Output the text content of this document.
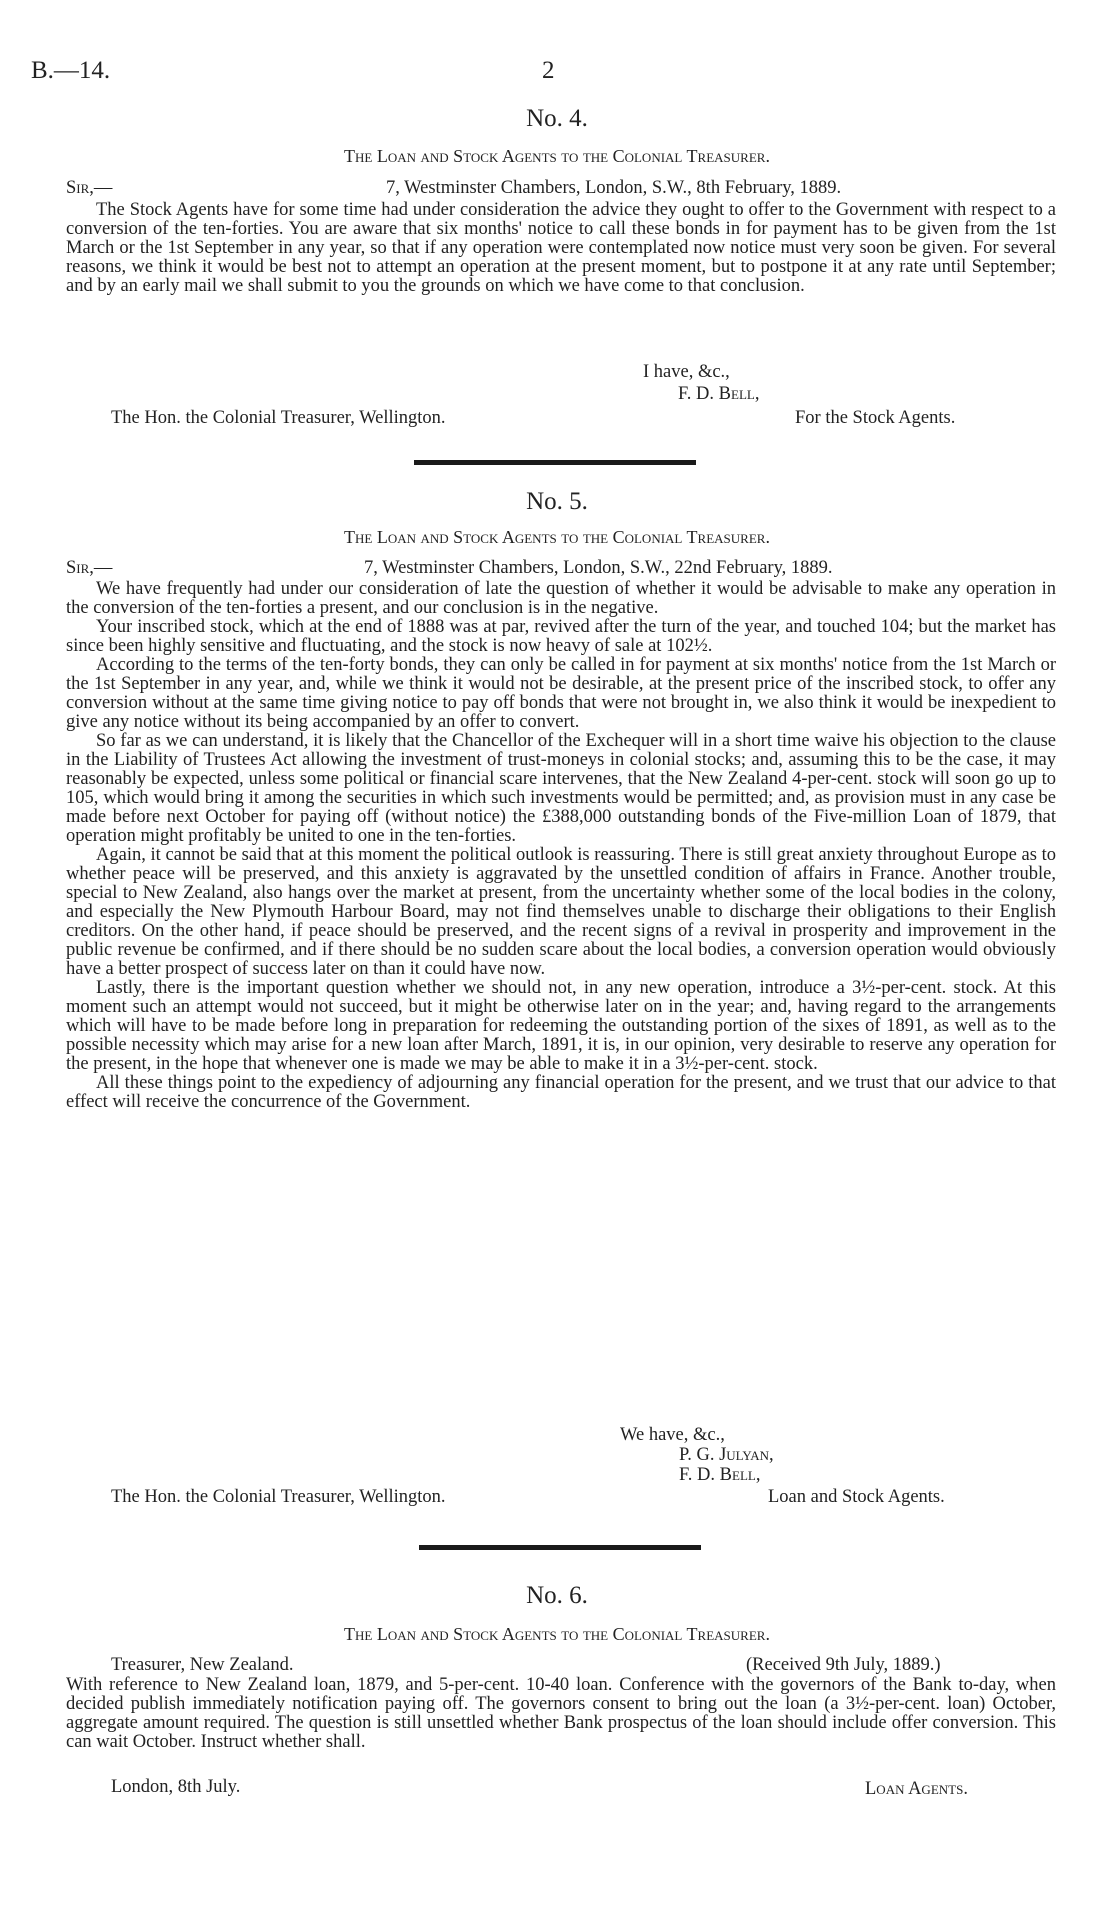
B.—14.	2
No. 4.
The Loan and Stock Agents to the Colonial Treasurer.
Sir,—	7, Westminster Chambers, London, S.W., 8th February, 1889.

The Stock Agents have for some time had under consideration the advice they ought to offer to the Government with respect to a conversion of the ten-forties. You are aware that six months' notice to call these bonds in for payment has to be given from the 1st March or the 1st September in any year, so that if any operation were contemplated now notice must very soon be given. For several reasons, we think it would be best not to attempt an operation at the present moment, but to postpone it at any rate until September; and by an early mail we shall submit to you the grounds on which we have come to that conclusion.

I have, &c.,
F. D. Bell,
The Hon. the Colonial Treasurer, Wellington.	For the Stock Agents.
No. 5.
The Loan and Stock Agents to the Colonial Treasurer.
Sir,—	7, Westminster Chambers, London, S.W., 22nd February, 1889.

We have frequently had under our consideration of late the question of whether it would be advisable to make any operation in the conversion of the ten-forties a present, and our conclusion is in the negative.

Your inscribed stock, which at the end of 1888 was at par, revived after the turn of the year, and touched 104; but the market has since been highly sensitive and fluctuating, and the stock is now heavy of sale at 102½.

According to the terms of the ten-forty bonds, they can only be called in for payment at six months' notice from the 1st March or the 1st September in any year, and, while we think it would not be desirable, at the present price of the inscribed stock, to offer any conversion without at the same time giving notice to pay off bonds that were not brought in, we also think it would be inexpedient to give any notice without its being accompanied by an offer to convert.

So far as we can understand, it is likely that the Chancellor of the Exchequer will in a short time waive his objection to the clause in the Liability of Trustees Act allowing the investment of trust-moneys in colonial stocks; and, assuming this to be the case, it may reasonably be expected, unless some political or financial scare intervenes, that the New Zealand 4-per-cent. stock will soon go up to 105, which would bring it among the securities in which such investments would be permitted; and, as provision must in any case be made before next October for paying off (without notice) the £388,000 outstanding bonds of the Five-million Loan of 1879, that operation might profitably be united to one in the ten-forties.

Again, it cannot be said that at this moment the political outlook is reassuring. There is still great anxiety throughout Europe as to whether peace will be preserved, and this anxiety is aggravated by the unsettled condition of affairs in France. Another trouble, special to New Zealand, also hangs over the market at present, from the uncertainty whether some of the local bodies in the colony, and especially the New Plymouth Harbour Board, may not find themselves unable to discharge their obligations to their English creditors. On the other hand, if peace should be preserved, and the recent signs of a revival in prosperity and improvement in the public revenue be confirmed, and if there should be no sudden scare about the local bodies, a conversion operation would obviously have a better prospect of success later on than it could have now.

Lastly, there is the important question whether we should not, in any new operation, introduce a 3½-per-cent. stock. At this moment such an attempt would not succeed, but it might be otherwise later on in the year; and, having regard to the arrangements which will have to be made before long in preparation for redeeming the outstanding portion of the sixes of 1891, as well as to the possible necessity which may arise for a new loan after March, 1891, it is, in our opinion, very desirable to reserve any operation for the present, in the hope that whenever one is made we may be able to make it in a 3½-per-cent. stock.

All these things point to the expediency of adjourning any financial operation for the present, and we trust that our advice to that effect will receive the concurrence of the Government.

We have, &c.,
P. G. Julyan,
F. D. Bell,
The Hon. the Colonial Treasurer, Wellington.	Loan and Stock Agents.
No. 6.
The Loan and Stock Agents to the Colonial Treasurer.
Treasurer, New Zealand.	(Received 9th July, 1889.)

With reference to New Zealand loan, 1879, and 5-per-cent. 10-40 loan. Conference with the governors of the Bank to-day, when decided publish immediately notification paying off. The governors consent to bring out the loan (a 3½-per-cent. loan) October, aggregate amount required. The question is still unsettled whether Bank prospectus of the loan should include offer conversion. This can wait October. Instruct whether shall.

London, 8th July.	Loan Agents.
